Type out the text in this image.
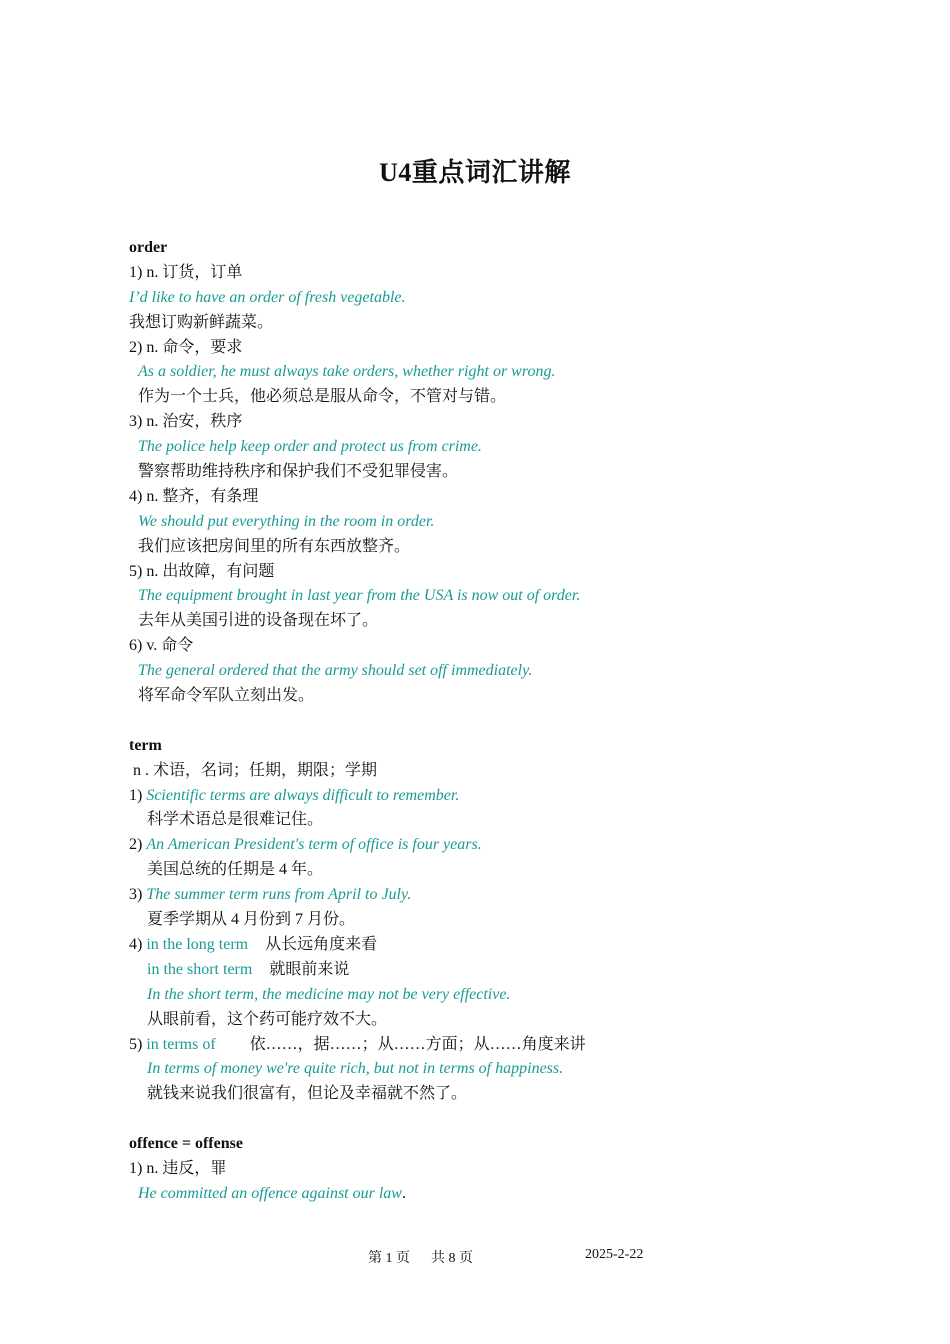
U4重点词汇讲解
order
1) n. 订货，订单
I’d like to have an order of fresh vegetable.
我想订购新鲜蔬菜。
2) n. 命令，要求
As a soldier, he must always take orders, whether right or wrong.
作为一个士兵，他必须总是服从命令，不管对与错。
3) n. 治安，秩序
The police help keep order and protect us from crime.
警察帮助维持秩序和保护我们不受犯罪侵害。
4) n. 整齐，有条理
We should put everything in the room in order.
我们应该把房间里的所有东西放整齐。
5) n. 出故障，有问题
The equipment brought in last year from the USA is now out of order.
去年从美国引进的设备现在坏了。
6) v. 命令
The general ordered that the army should set off immediately.
将军命令军队立刻出发。
term
n . 术语，名词；任期，期限；学期
1) Scientific terms are always difficult to remember.
科学术语总是很难记住。
2) An American President's term of office is four years.
美国总统的任期是 4 年。
3) The summer term runs from April to July.
夏季学期从 4 月份到 7 月份。
4) in the long term 从长远角度来看
in the short term 就眼前来说
In the short term, the medicine may not be very effective.
从眼前看，这个药可能疗效不大。
5) in terms of 依……，据……；从……方面；从……角度来讲
In terms of money we're quite rich, but not in terms of happiness.
就钱来说我们很富有，但论及幸福就不然了。
offence = offense
1) n. 违反，罪
He committed an offence against our law.
第 1 页 共 8 页	2025-2-22
